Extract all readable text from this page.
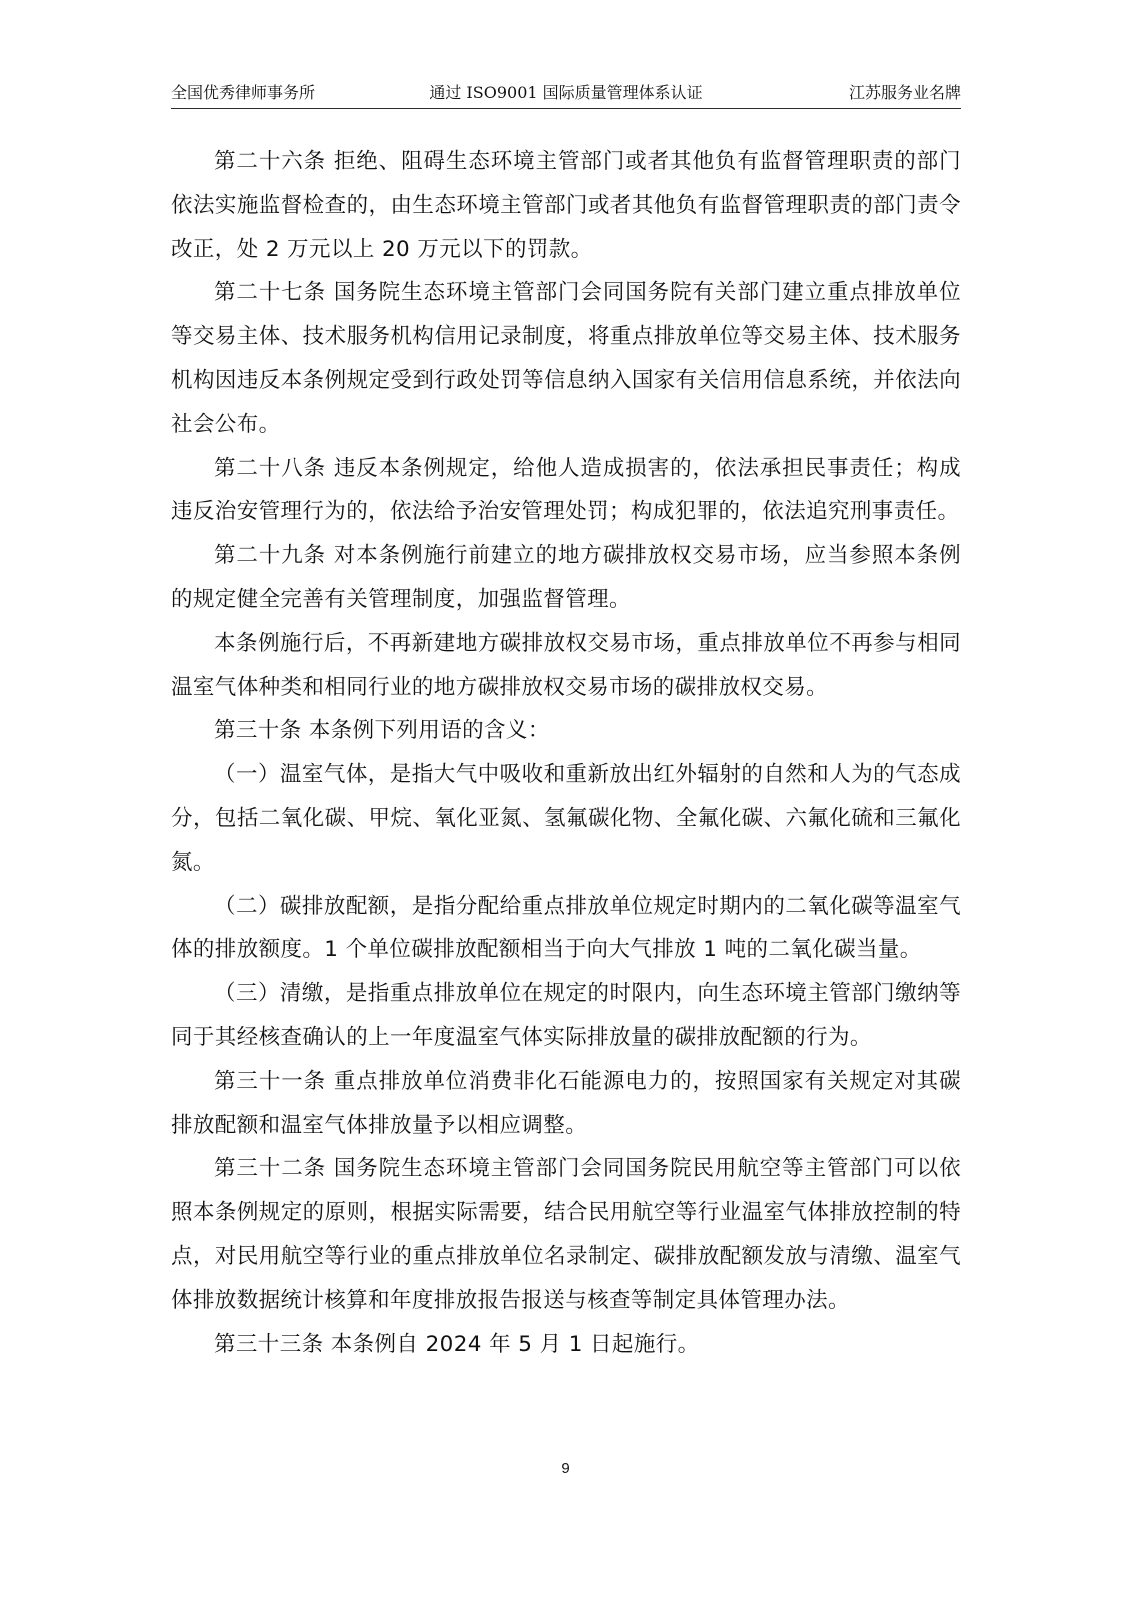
全国优秀律师事务所	通过 ISO9001 国际质量管理体系认证	江苏服务业名牌

第二十六条 拒绝、阻碍生态环境主管部门或者其他负有监督管理职责的部门依法实施监督检查的，由生态环境主管部门或者其他负有监督管理职责的部门责令改正，处 2 万元以上 20 万元以下的罚款。

第二十七条 国务院生态环境主管部门会同国务院有关部门建立重点排放单位等交易主体、技术服务机构信用记录制度，将重点排放单位等交易主体、技术服务机构因违反本条例规定受到行政处罚等信息纳入国家有关信用信息系统，并依法向社会公布。

第二十八条 违反本条例规定，给他人造成损害的，依法承担民事责任；构成违反治安管理行为的，依法给予治安管理处罚；构成犯罪的，依法追究刑事责任。

第二十九条 对本条例施行前建立的地方碳排放权交易市场，应当参照本条例的规定健全完善有关管理制度，加强监督管理。

本条例施行后，不再新建地方碳排放权交易市场，重点排放单位不再参与相同温室气体种类和相同行业的地方碳排放权交易市场的碳排放权交易。

第三十条 本条例下列用语的含义：

（一）温室气体，是指大气中吸收和重新放出红外辐射的自然和人为的气态成分，包括二氧化碳、甲烷、氧化亚氮、氢氟碳化物、全氟化碳、六氟化硫和三氟化氮。

（二）碳排放配额，是指分配给重点排放单位规定时期内的二氧化碳等温室气体的排放额度。1 个单位碳排放配额相当于向大气排放 1 吨的二氧化碳当量。

（三）清缴，是指重点排放单位在规定的时限内，向生态环境主管部门缴纳等同于其经核查确认的上一年度温室气体实际排放量的碳排放配额的行为。

第三十一条 重点排放单位消费非化石能源电力的，按照国家有关规定对其碳排放配额和温室气体排放量予以相应调整。

第三十二条 国务院生态环境主管部门会同国务院民用航空等主管部门可以依照本条例规定的原则，根据实际需要，结合民用航空等行业温室气体排放控制的特点，对民用航空等行业的重点排放单位名录制定、碳排放配额发放与清缴、温室气体排放数据统计核算和年度排放报告报送与核查等制定具体管理办法。

第三十三条 本条例自 2024 年 5 月 1 日起施行。

9
